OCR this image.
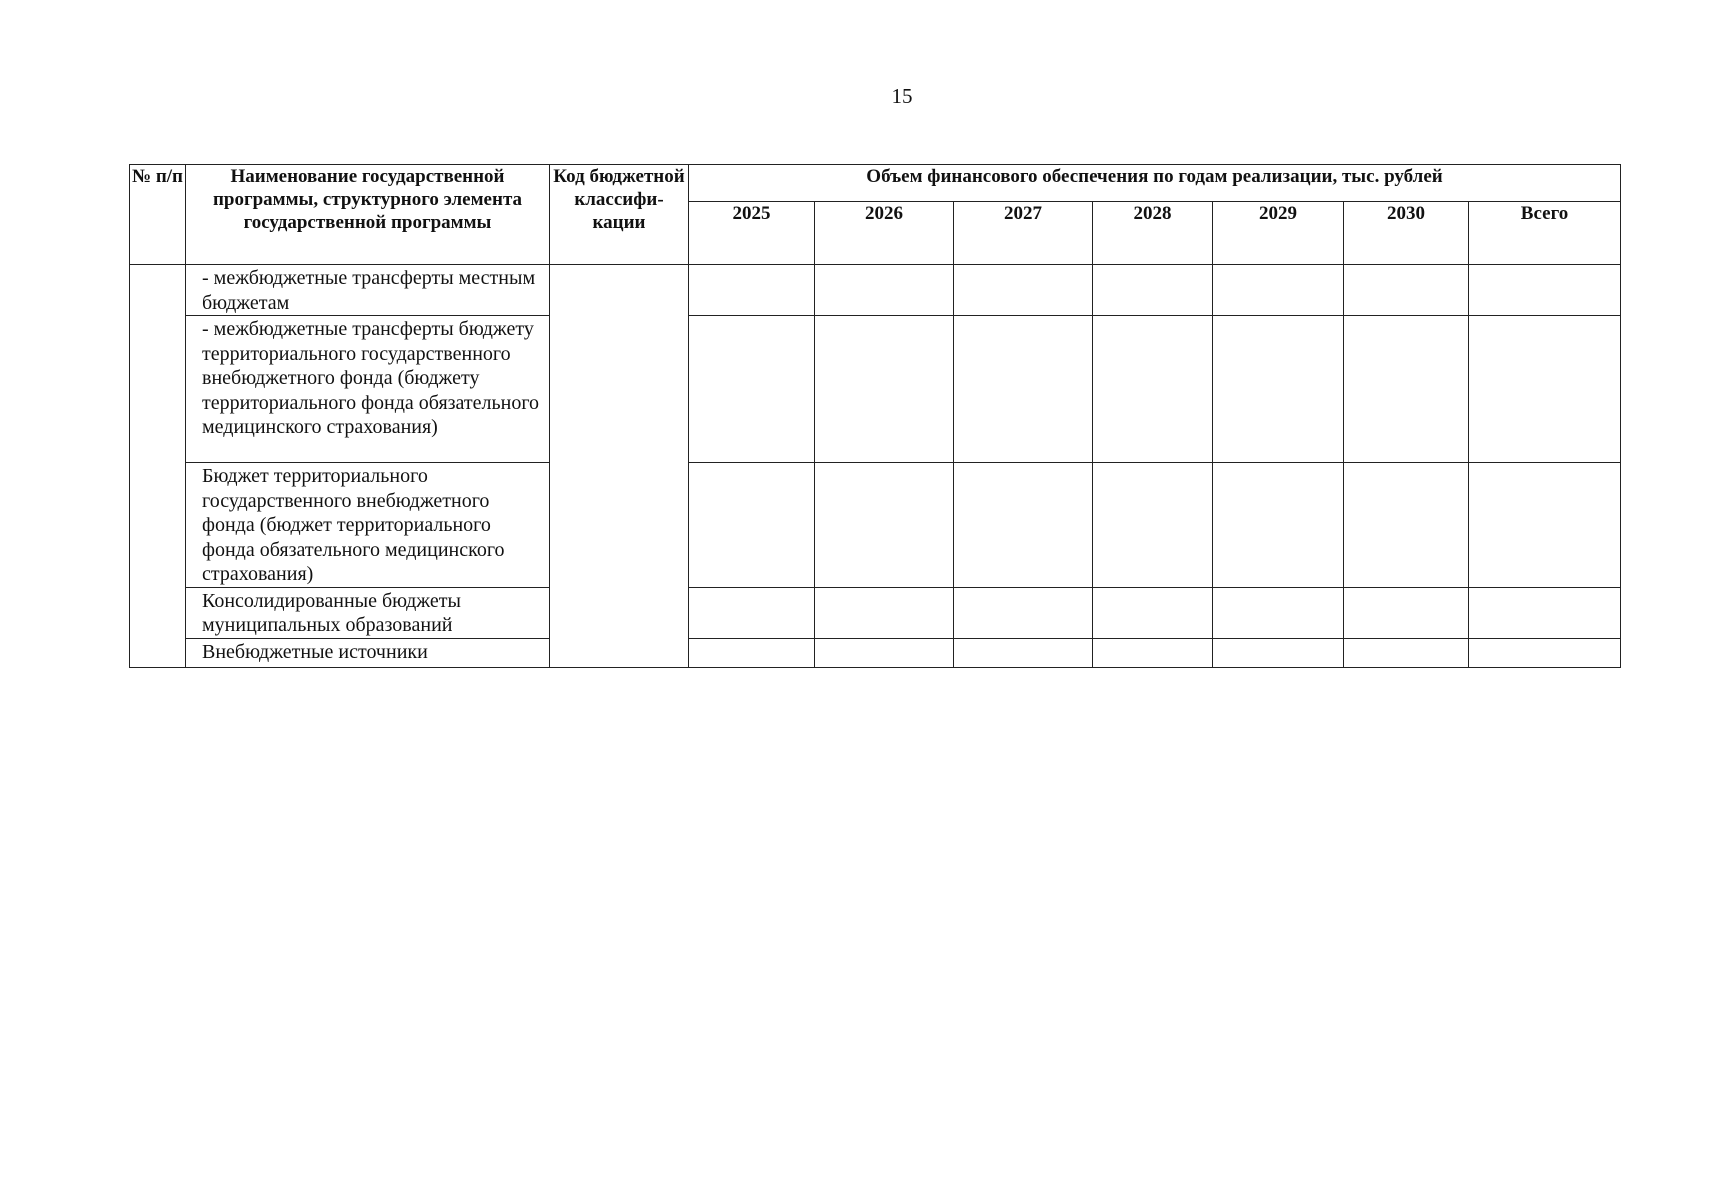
15
№ п/п	Наименование государственной программы, структурного элемента государственной программы	Код бюджетной классифи-кации	Объем финансового обеспечения по годам реализации, тыс. рублей						
			2025	2026	2027	2028	2029	2030	Всего
	- межбюджетные трансферты местным бюджетам								
	- межбюджетные трансферты бюджету территориального государственного внебюджетного фонда (бюджету территориального фонда обязательного медицинского страхования)								
	Бюджет территориального государственного внебюджетного фонда (бюджет территориального фонда обязательного медицинского страхования)								
	Консолидированные бюджеты муниципальных образований								
	Внебюджетные источники								
